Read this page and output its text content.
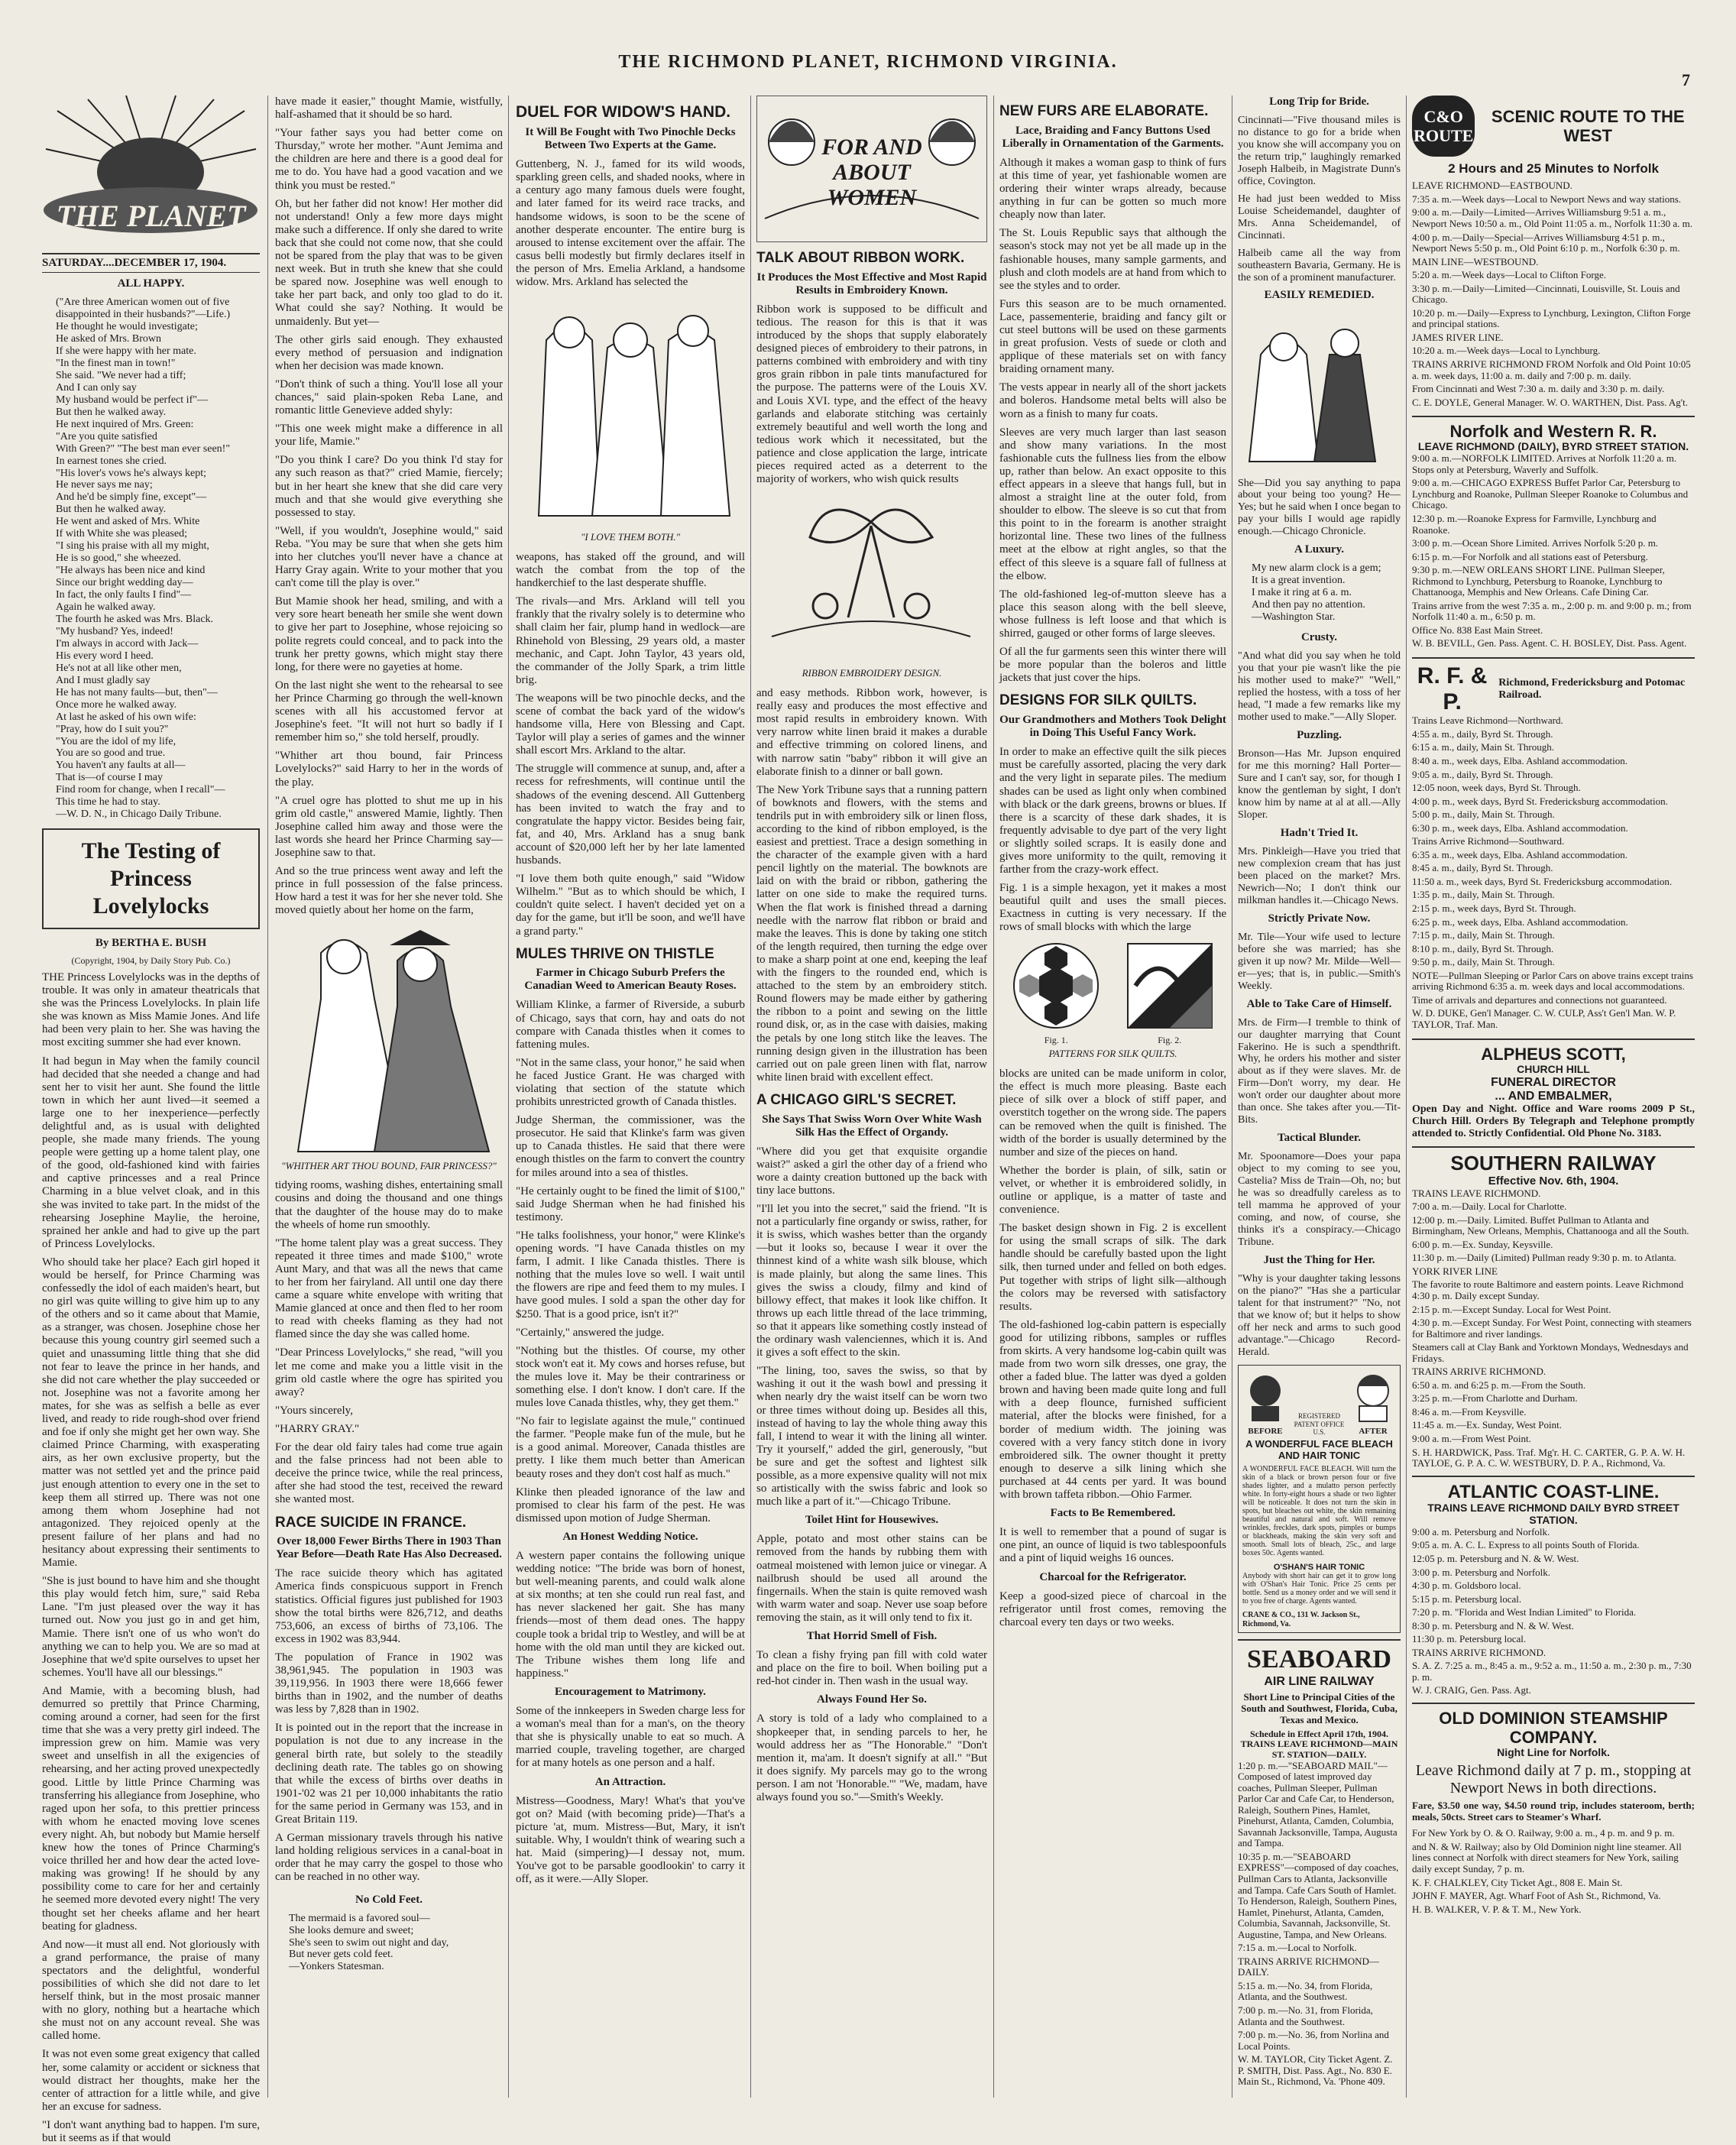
THE RICHMOND PLANET, RICHMOND VIRGINIA.
7
THE PLANET
SATURDAY....DECEMBER 17, 1904.
ALL HAPPY.
("Are three American women out of five disappointed in their husbands?"—Life.)
He thought he would investigate;
He asked of Mrs. Brown
If she were happy with her mate.
"In the finest man in town!"
She said. "We never had a tiff;
And I can only say
My husband would be perfect if"—
But then he walked away.
He next inquired of Mrs. Green:
"Are you quite satisfied
With Green?" "The best man ever seen!"
In earnest tones she cried.
"His lover's vows he's always kept;
He never says me nay;
And he'd be simply fine, except"—
But then he walked away.
He went and asked of Mrs. White
If with White she was pleased;
"I sing his praise with all my might,
He is so good," she wheezed.
"He always has been nice and kind
Since our bright wedding day—
In fact, the only faults I find"—
Again he walked away.
The fourth he asked was Mrs. Black.
"My husband? Yes, indeed!
I'm always in accord with Jack—
His every word I heed.
He's not at all like other men,
And I must gladly say
He has not many faults—but, then"—
Once more he walked away.
At last he asked of his own wife:
"Pray, how do I suit you?"
"You are the idol of my life,
You are so good and true.
You haven't any faults at all—
That is—of course I may
Find room for change, when I recall"—
This time he had to stay.
—W. D. N., in Chicago Daily Tribune.
The Testing of Princess Lovelylocks
By BERTHA E. BUSH
(Copyright, 1904, by Daily Story Pub. Co.)

THE Princess Lovelylocks was in the depths of trouble. It was only in amateur theatricals that she was the Princess Lovelylocks. In plain life she was known as Miss Mamie Jones. And life had been very plain to her. She was having the most exciting summer she had ever known.

It had begun in May when the family council had decided that she needed a change and had sent her to visit her aunt. She found the little town in which her aunt lived—it seemed a large one to her inexperience—perfectly delightful and, as is usual with delighted people, she made many friends. The young people were getting up a home talent play, one of the good, old-fashioned kind with fairies and captive princesses and a real Prince Charming in a blue velvet cloak, and in this she was invited to take part. In the midst of the rehearsing Josephine Maylie, the heroine, sprained her ankle and had to give up the part of Princess Lovelylocks.

Who should take her place? Each girl hoped it would be herself, for Prince Charming was confessedly the idol of each maiden's heart, but no girl was quite willing to give him up to any of the others and so it came about that Mamie, as a stranger, was chosen. Josephine chose her because this young country girl seemed such a quiet and unassuming little thing that she did not fear to leave the prince in her hands, and she did not care whether the play succeeded or not. Josephine was not a favorite among her mates, for she was as selfish a belle as ever lived, and ready to ride rough-shod over friend and foe if only she might get her own way. She claimed Prince Charming, with exasperating airs, as her own exclusive property, but the matter was not settled yet and the prince paid just enough attention to every one in the set to keep them all stirred up. There was not one among them whom Josephine had not antagonized. They rejoiced openly at the present failure of her plans and had no hesitancy about expressing their sentiments to Mamie.

"She is just bound to have him and she thought this play would fetch him, sure," said Reba Lane. "I'm just pleased over the way it has turned out. Now you just go in and get him, Mamie. There isn't one of us who won't do anything we can to help you. We are so mad at Josephine that we'd spite ourselves to upset her schemes. You'll have all our blessings."

And Mamie, with a becoming blush, had demurred so prettily that Prince Charming, coming around a corner, had seen for the first time that she was a very pretty girl indeed. The impression grew on him. Mamie was very sweet and unselfish in all the exigencies of rehearsing, and her acting proved unexpectedly good. Little by little Prince Charming was transferring his allegiance from Josephine, who raged upon her sofa, to this prettier princess with whom he enacted moving love scenes every night. Ah, but nobody but Mamie herself knew how the tones of Prince Charming's voice thrilled her and how dear the acted love-making was growing! If he should by any possibility come to care for her and certainly he seemed more devoted every night! The very thought set her cheeks aflame and her heart beating for gladness.

And now—it must all end. Not gloriously with a grand performance, the praise of many spectators and the delightful, wonderful possibilities of which she did not dare to let herself think, but in the most prosaic manner with no glory, nothing but a heartache which she must not on any account reveal. She was called home.

It was not even some great exigency that called her, some calamity or accident or sickness that would distract her thoughts, make her the center of attraction for a little while, and give her an excuse for sadness.

"I don't want anything bad to happen. I'm sure, but it seems as if that would

have made it easier," thought Mamie, wistfully, half-ashamed that it should be so hard.

"Your father says you had better come on Thursday," wrote her mother. "Aunt Jemima and the children are here and there is a good deal for me to do. You have had a good vacation and we think you must be rested."

Oh, but her father did not know! Her mother did not understand! Only a few more days might make such a difference. If only she dared to write back that she could not come now, that she could not be spared from the play that was to be given next week. But in truth she knew that she could be spared now. Josephine was well enough to take her part back, and only too glad to do it. What could she say? Nothing. It would be unmaidenly. But yet—

The other girls said enough. They exhausted every method of persuasion and indignation when her decision was made known.

"Don't think of such a thing. You'll lose all your chances," said plain-spoken Reba Lane, and romantic little Genevieve added shyly:

"This one week might make a difference in all your life, Mamie."

"Do you think I care? Do you think I'd stay for any such reason as that?" cried Mamie, fiercely; but in her heart she knew that she did care very much and that she would give everything she possessed to stay.

"Well, if you wouldn't, Josephine would," said Reba. "You may be sure that when she gets him into her clutches you'll never have a chance at Harry Gray again. Write to your mother that you can't come till the play is over."

But Mamie shook her head, smiling, and with a very sore heart beneath her smile she went down to give her part to Josephine, whose rejoicing so polite regrets could conceal, and to pack into the trunk her pretty gowns, which might stay there long, for there were no gayeties at home.

On the last night she went to the rehearsal to see her Prince Charming go through the well-known scenes with all his accustomed fervor at Josephine's feet. "It will not hurt so badly if I remember him so," she told herself, proudly.

"Whither art thou bound, fair Princess Lovelylocks?" said Harry to her in the words of the play.

"A cruel ogre has plotted to shut me up in his grim old castle," answered Mamie, lightly. Then Josephine called him away and those were the last words she heard her Prince Charming say—Josephine saw to that.

And so the true princess went away and left the prince in full possession of the false princess. How hard a test it was for her she never told. She moved quietly about her home on the farm,

"WHITHER ART THOU BOUND, FAIR PRINCESS?"

tidying rooms, washing dishes, entertaining small cousins and doing the thousand and one things that the daughter of the house may do to make the wheels of home run smoothly.

"The home talent play was a great success. They repeated it three times and made $100," wrote Aunt Mary, and that was all the news that came to her from her fairyland. All until one day there came a square white envelope with writing that Mamie glanced at once and then fled to her room to read with cheeks flaming as they had not flamed since the day she was called home.

"Dear Princess Lovelylocks," she read, "will you let me come and make you a little visit in the grim old castle where the ogre has spirited you away?

"Yours sincerely,

"HARRY GRAY."

For the dear old fairy tales had come true again and the false princess had not been able to deceive the prince twice, while the real princess, after she had stood the test, received the reward she wanted most.

RACE SUICIDE IN FRANCE.
Over 18,000 Fewer Births There in 1903 Than Year Before—Death Rate Has Also Decreased.

The race suicide theory which has agitated America finds conspicuous support in French statistics. Official figures just published for 1903 show the total births were 826,712, and deaths 753,606, an excess of births of 73,106. The excess in 1902 was 83,944.

The population of France in 1902 was 38,961,945. The population in 1903 was 39,119,956. In 1903 there were 18,666 fewer births than in 1902, and the number of deaths was less by 7,828 than in 1902.

It is pointed out in the report that the increase in population is not due to any increase in the general birth rate, but solely to the steadily declining death rate. The tables go on showing that while the excess of births over deaths in 1901-'02 was 21 per 10,000 inhabitants the ratio for the same period in Germany was 153, and in Great Britain 119.

A German missionary travels through his native land holding religious services in a canal-boat in order that he may carry the gospel to those who can be reached in no other way.

No Cold Feet.
The mermaid is a favored soul—
She looks demure and sweet;
She's seen to swim out night and day,
But never gets cold feet.
—Yonkers Statesman.
DUEL FOR WIDOW'S HAND.
It Will Be Fought with Two Pinochle Decks Between Two Experts at the Game.

Guttenberg, N. J., famed for its wild woods, sparkling green cells, and shaded nooks, where in a century ago many famous duels were fought, and later famed for its weird race tracks, and handsome widows, is soon to be the scene of another desperate encounter. The entire burg is aroused to intense excitement over the affair. The casus belli modestly but firmly declares itself in the person of Mrs. Emelia Arkland, a handsome widow. Mrs. Arkland has selected the

"I LOVE THEM BOTH."

weapons, has staked off the ground, and will watch the combat from the top of the handkerchief to the last desperate shuffle.

The rivals—and Mrs. Arkland will tell you frankly that the rivalry solely is to determine who shall claim her fair, plump hand in wedlock—are Rhinehold von Blessing, 29 years old, a master mechanic, and Capt. John Taylor, 43 years old, the commander of the Jolly Spark, a trim little brig.

The weapons will be two pinochle decks, and the scene of combat the back yard of the widow's handsome villa, Here von Blessing and Capt. Taylor will play a series of games and the winner shall escort Mrs. Arkland to the altar.

The struggle will commence at sunup, and, after a recess for refreshments, will continue until the shadows of the evening descend. All Guttenberg has been invited to watch the fray and to congratulate the happy victor. Besides being fair, fat, and 40, Mrs. Arkland has a snug bank account of $20,000 left her by her late lamented husbands.

"I love them both quite enough," said "Widow Wilhelm." "But as to which should be which, I couldn't quite select. I haven't decided yet on a day for the game, but it'll be soon, and we'll have a grand party."

MULES THRIVE ON THISTLE
Farmer in Chicago Suburb Prefers the Canadian Weed to American Beauty Roses.

William Klinke, a farmer of Riverside, a suburb of Chicago, says that corn, hay and oats do not compare with Canada thistles when it comes to fattening mules.

"Not in the same class, your honor," he said when he faced Justice Grant. He was charged with violating that section of the statute which prohibits unrestricted growth of Canada thistles.

Judge Sherman, the commissioner, was the prosecutor. He said that Klinke's farm was given up to Canada thistles. He said that there were enough thistles on the farm to convert the country for miles around into a sea of thistles.

"He certainly ought to be fined the limit of $100," said Judge Sherman when he had finished his testimony.

"He talks foolishness, your honor," were Klinke's opening words. "I have Canada thistles on my farm, I admit. I like Canada thistles. There is nothing that the mules love so well. I wait until the flowers are ripe and feed them to my mules. I have good mules. I sold a span the other day for $250. That is a good price, isn't it?"

"Certainly," answered the judge.

"Nothing but the thistles. Of course, my other stock won't eat it. My cows and horses refuse, but the mules love it. May be their contrariness or something else. I don't know. I don't care. If the mules love Canada thistles, why, they get them."

"No fair to legislate against the mule," continued the farmer. "People make fun of the mule, but he is a good animal. Moreover, Canada thistles are pretty. I like them much better than American beauty roses and they don't cost half as much."

Klinke then pleaded ignorance of the law and promised to clear his farm of the pest. He was dismissed upon motion of Judge Sherman.

An Honest Wedding Notice.

A western paper contains the following unique wedding notice: "The bride was born of honest, but well-meaning parents, and could walk alone at six months; at ten she could run real fast, and has never slackened her gait. She has many friends—most of them dead ones. The happy couple took a bridal trip to Westley, and will be at home with the old man until they are kicked out. The Tribune wishes them long life and happiness."

Encouragement to Matrimony.

Some of the innkeepers in Sweden charge less for a woman's meal than for a man's, on the theory that she is physically unable to eat so much. A married couple, traveling together, are charged for at many hotels as one person and a half.

An Attraction.

Mistress—Goodness, Mary! What's that you've got on? Maid (with becoming pride)—That's a picture 'at, mum. Mistress—But, Mary, it isn't suitable. Why, I wouldn't think of wearing such a hat. Maid (simpering)—I dessay not, mum. You've got to be parsable goodlookin' to carry it off, as it were.—Ally Sloper.

FOR AND ABOUT WOMEN
TALK ABOUT RIBBON WORK.
It Produces the Most Effective and Most Rapid Results in Embroidery Known.

Ribbon work is supposed to be difficult and tedious. The reason for this is that it was introduced by the shops that supply elaborately designed pieces of embroidery to their patrons, in patterns combined with embroidery and with tiny gros grain ribbon in pale tints manufactured for the purpose. The patterns were of the Louis XV. and Louis XVI. type, and the effect of the heavy garlands and elaborate stitching was certainly extremely beautiful and well worth the long and tedious work which it necessitated, but the patience and close application the large, intricate pieces required acted as a deterrent to the majority of workers, who wish quick results

RIBBON EMBROIDERY DESIGN.

and easy methods. Ribbon work, however, is really easy and produces the most effective and most rapid results in embroidery known. With very narrow white linen braid it makes a durable and effective trimming on colored linens, and with narrow satin "baby" ribbon it will give an elaborate finish to a dinner or ball gown.

The New York Tribune says that a running pattern of bowknots and flowers, with the stems and tendrils put in with embroidery silk or linen floss, according to the kind of ribbon employed, is the easiest and prettiest. Trace a design something in the character of the example given with a hard pencil lightly on the material. The bowknots are laid on with the braid or ribbon, gathering the latter on one side to make the required turns. When the flat work is finished thread a darning needle with the narrow flat ribbon or braid and make the leaves. This is done by taking one stitch of the length required, then turning the edge over to make a sharp point at one end, keeping the leaf with the fingers to the rounded end, which is attached to the stem by an embroidery stitch. Round flowers may be made either by gathering the ribbon to a point and sewing on the little round disk, or, as in the case with daisies, making the petals by one long stitch like the leaves. The running design given in the illustration has been carried out on pale green linen with flat, narrow white linen braid with excellent effect.

A CHICAGO GIRL'S SECRET.
She Says That Swiss Worn Over White Wash Silk Has the Effect of Organdy.

"Where did you get that exquisite organdie waist?" asked a girl the other day of a friend who wore a dainty creation buttoned up the back with tiny lace buttons.

"I'll let you into the secret," said the friend. "It is not a particularly fine organdy or swiss, rather, for it is swiss, which washes better than the organdy—but it looks so, because I wear it over the thinnest kind of a white wash silk blouse, which is made plainly, but along the same lines. This gives the swiss a cloudy, filmy and kind of billowy effect, that makes it look like chiffon. It throws up each little thread of the lace trimming, so that it appears like something costly instead of the ordinary wash valenciennes, which it is. And it gives a soft effect to the skin.

"The lining, too, saves the swiss, so that by washing it out it the wash bowl and pressing it when nearly dry the waist itself can be worn two or three times without doing up. Besides all this, instead of having to lay the whole thing away this fall, I intend to wear it with the lining all winter. Try it yourself," added the girl, generously, "but be sure and get the softest and lightest silk possible, as a more expensive quality will not mix so artistically with the swiss fabric and look so much like a part of it."—Chicago Tribune.

Toilet Hint for Housewives.

Apple, potato and most other stains can be removed from the hands by rubbing them with oatmeal moistened with lemon juice or vinegar. A nailbrush should be used all around the fingernails. When the stain is quite removed wash with warm water and soap. Never use soap before removing the stain, as it will only tend to fix it.

That Horrid Smell of Fish.

To clean a fishy frying pan fill with cold water and place on the fire to boil. When boiling put a red-hot cinder in. Then wash in the usual way.

Always Found Her So.

A story is told of a lady who complained to a shopkeeper that, in sending parcels to her, he would address her as "The Honorable." "Don't mention it, ma'am. It doesn't signify at all." "But it does signify. My parcels may go to the wrong person. I am not 'Honorable.'" "We, madam, have always found you so."—Smith's Weekly.

NEW FURS ARE ELABORATE.
Lace, Braiding and Fancy Buttons Used Liberally in Ornamentation of the Garments.

Although it makes a woman gasp to think of furs at this time of year, yet fashionable women are ordering their winter wraps already, because anything in fur can be gotten so much more cheaply now than later.

The St. Louis Republic says that although the season's stock may not yet be all made up in the fashionable houses, many sample garments, and plush and cloth models are at hand from which to see the styles and to order.

Furs this season are to be much ornamented. Lace, passementerie, braiding and fancy gilt or cut steel buttons will be used on these garments in great profusion. Vests of suede or cloth and applique of these materials set on with fancy braiding ornament many.

The vests appear in nearly all of the short jackets and boleros. Handsome metal belts will also be worn as a finish to many fur coats.

Sleeves are very much larger than last season and show many variations. In the most fashionable cuts the fullness lies from the elbow up, rather than below. An exact opposite to this effect appears in a sleeve that hangs full, but in almost a straight line at the outer fold, from shoulder to elbow. The sleeve is so cut that from this point to in the forearm is another straight horizontal line. These two lines of the fullness meet at the elbow at right angles, so that the effect of this sleeve is a square fall of fullness at the elbow.

The old-fashioned leg-of-mutton sleeve has a place this season along with the bell sleeve, whose fullness is left loose and that which is shirred, gauged or other forms of large sleeves.

Of all the fur garments seen this winter there will be more popular than the boleros and little jackets that just cover the hips.

DESIGNS FOR SILK QUILTS.
Our Grandmothers and Mothers Took Delight in Doing This Useful Fancy Work.

In order to make an effective quilt the silk pieces must be carefully assorted, placing the very dark and the very light in separate piles. The medium shades can be used as light only when combined with black or the dark greens, browns or blues. If there is a scarcity of these dark shades, it is frequently advisable to dye part of the very light or slightly soiled scraps. It is easily done and gives more uniformity to the quilt, removing it farther from the crazy-work effect.

Fig. 1 is a simple hexagon, yet it makes a most beautiful quilt and uses the small pieces. Exactness in cutting is very necessary. If the rows of small blocks with which the large

Fig. 1.	Fig. 2.
PATTERNS FOR SILK QUILTS.

blocks are united can be made uniform in color, the effect is much more pleasing. Baste each piece of silk over a block of stiff paper, and overstitch together on the wrong side. The papers can be removed when the quilt is finished. The width of the border is usually determined by the number and size of the pieces on hand.

Whether the border is plain, of silk, satin or velvet, or whether it is embroidered solidly, in outline or applique, is a matter of taste and convenience.

The basket design shown in Fig. 2 is excellent for using the small scraps of silk. The dark handle should be carefully basted upon the light silk, then turned under and felled on both edges. Put together with strips of light silk—although the colors may be reversed with satisfactory results.

The old-fashioned log-cabin pattern is especially good for utilizing ribbons, samples or ruffles from skirts. A very handsome log-cabin quilt was made from two worn silk dresses, one gray, the other a faded blue. The latter was dyed a golden brown and having been made quite long and full with a deep flounce, furnished sufficient material, after the blocks were finished, for a border of medium width. The joining was covered with a very fancy stitch done in ivory embroidered silk. The owner thought it pretty enough to deserve a silk lining which she purchased at 44 cents per yard. It was bound with brown taffeta ribbon.—Ohio Farmer.

Facts to Be Remembered.

It is well to remember that a pound of sugar is one pint, an ounce of liquid is two tablespoonfuls and a pint of liquid weighs 16 ounces.

Charcoal for the Refrigerator.

Keep a good-sized piece of charcoal in the refrigerator until frost comes, removing the charcoal every ten days or two weeks.

Long Trip for Bride.

Cincinnati—"Five thousand miles is no distance to go for a bride when you know she will accompany you on the return trip," laughingly remarked Joseph Halbeib, in Magistrate Dunn's office, Covington.

He had just been wedded to Miss Louise Scheidemandel, daughter of Mrs. Anna Scheidemandel, of Cincinnati.

Halbeib came all the way from southeastern Bavaria, Germany. He is the son of a prominent manufacturer.

EASILY REMEDIED.

She—Did you say anything to papa about your being too young? He—Yes; but he said when I once began to pay your bills I would age rapidly enough.—Chicago Chronicle.

A Luxury.
My new alarm clock is a gem;
It is a great invention.
I make it ring at 6 a. m.
And then pay no attention.
—Washington Star.
Crusty.

"And what did you say when he told you that your pie wasn't like the pie his mother used to make?" "Well," replied the hostess, with a toss of her head, "I made a few remarks like my mother used to make."—Ally Sloper.

Puzzling.

Bronson—Has Mr. Jupson enquired for me this morning? Hall Porter—Sure and I can't say, sor, for though I know the gentleman by sight, I don't know him by name at al at all.—Ally Sloper.

Hadn't Tried It.

Mrs. Pinkleigh—Have you tried that new complexion cream that has just been placed on the market? Mrs. Newrich—No; I don't think our milkman handles it.—Chicago News.

Strictly Private Now.

Mr. Tile—Your wife used to lecture before she was married; has she given it up now? Mr. Milde—Well—er—yes; that is, in public.—Smith's Weekly.

Able to Take Care of Himself.

Mrs. de Firm—I tremble to think of our daughter marrying that Count Fakerino. He is such a spendthrift. Why, he orders his mother and sister about as if they were slaves. Mr. de Firm—Don't worry, my dear. He won't order our daughter about more than once. She takes after you.—Tit-Bits.

Tactical Blunder.

Mr. Spoonamore—Does your papa object to my coming to see you, Castelia? Miss de Train—Oh, no; but he was so dreadfully careless as to tell mamma he approved of your coming, and now, of course, she thinks it's a conspiracy.—Chicago Tribune.

Just the Thing for Her.

"Why is your daughter taking lessons on the piano?" "Has she a particular talent for that instrument?" "No, not that we know of; but it helps to show off her neck and arms to such good advantage."—Chicago Record-Herald.

BEFORE
REGISTERED PATENT OFFICE U.S.	AFTER
A WONDERFUL FACE BLEACH AND HAIR TONIC

A WONDERFUL FACE BLEACH. Will turn the skin of a black or brown person four or five shades lighter, and a mulatto person perfectly white. In forty-eight hours a shade or two lighter will be noticeable. It does not turn the skin in spots, but bleaches out white, the skin remaining beautiful and natural and soft. Will remove wrinkles, freckles, dark spots, pimples or bumps or blackheads, making the skin very soft and smooth. Small lots of bleach, 25c., and large boxes 50c. Agents wanted.

O'SHAN'S HAIR TONIC

Anybody with short hair can get it to grow long with O'Shan's Hair Tonic. Price 25 cents per bottle. Send us a money order and we will send it to you free of charge. Agents wanted.

CRANE & CO., 131 W. Jackson St., Richmond, Va.
SEABOARD
AIR LINE RAILWAY
Short Line to Principal Cities of the South and Southwest, Florida, Cuba, Texas and Mexico.
Schedule in Effect April 17th, 1904. TRAINS LEAVE RICHMOND—MAIN ST. STATION—DAILY.
1:20 p. m.—"SEABOARD MAIL"—Composed of latest improved day coaches, Pullman Sleeper, Pullman Parlor Car and Cafe Car, to Henderson, Raleigh, Southern Pines, Hamlet, Pinehurst, Atlanta, Camden, Columbia, Savannah Jacksonville, Tampa, Augusta and Tampa.
10:35 p. m.—"SEABOARD EXPRESS"—composed of day coaches, Pullman Cars to Atlanta, Jacksonville and Tampa. Cafe Cars South of Hamlet. To Henderson, Raleigh, Southern Pines, Hamlet, Pinehurst, Atlanta, Camden, Columbia, Savannah, Jacksonville, St. Augustine, Tampa, and New Orleans.
7:15 a. m.—Local to Norfolk.
TRAINS ARRIVE RICHMOND—DAILY.
5:15 a. m.—No. 34, from Florida, Atlanta, and the Southwest.
7:00 p. m.—No. 31, from Florida, Atlanta and the Southwest.
7:00 p. m.—No. 36, from Norlina and Local Points.
W. M. TAYLOR, City Ticket Agent. Z. P. SMITH, Dist. Pass. Agt., No. 830 E. Main St., Richmond, Va. 'Phone 409.
C&O ROUTE
SCENIC ROUTE TO THE WEST
2 Hours and 25 Minutes to Norfolk
LEAVE RICHMOND—EASTBOUND.
7:35 a. m.—Week days—Local to Newport News and way stations.
9:00 a. m.—Daily—Limited—Arrives Williamsburg 9:51 a. m., Newport News 10:50 a. m., Old Point 11:05 a. m., Norfolk 11:30 a. m.
4:00 p. m.—Daily—Special—Arrives Williamsburg 4:51 p. m., Newport News 5:50 p. m., Old Point 6:10 p. m., Norfolk 6:30 p. m.
MAIN LINE—WESTBOUND.
5:20 a. m.—Week days—Local to Clifton Forge.
3:30 p. m.—Daily—Limited—Cincinnati, Louisville, St. Louis and Chicago.
10:20 p. m.—Daily—Express to Lynchburg, Lexington, Clifton Forge and principal stations.
JAMES RIVER LINE.
10:20 a. m.—Week days—Local to Lynchburg.
TRAINS ARRIVE RICHMOND FROM Norfolk and Old Point 10:05 a. m. week days, 11:00 a. m. daily and 7:00 p. m. daily.
From Cincinnati and West 7:30 a. m. daily and 3:30 p. m. daily.
C. E. DOYLE, General Manager. W. O. WARTHEN, Dist. Pass. Ag't.
Norfolk and Western R. R.
LEAVE RICHMOND (DAILY), BYRD STREET STATION.
9:00 a. m.—NORFOLK LIMITED. Arrives at Norfolk 11:20 a. m. Stops only at Petersburg, Waverly and Suffolk.
9:00 a. m.—CHICAGO EXPRESS Buffet Parlor Car, Petersburg to Lynchburg and Roanoke, Pullman Sleeper Roanoke to Columbus and Chicago.
12:30 p. m.—Roanoke Express for Farmville, Lynchburg and Roanoke.
3:00 p. m.—Ocean Shore Limited. Arrives Norfolk 5:20 p. m.
6:15 p. m.—For Norfolk and all stations east of Petersburg.
9:30 p. m.—NEW ORLEANS SHORT LINE. Pullman Sleeper, Richmond to Lynchburg, Petersburg to Roanoke, Lynchburg to Chattanooga, Memphis and New Orleans. Cafe Dining Car.
Trains arrive from the west 7:35 a. m., 2:00 p. m. and 9:00 p. m.; from Norfolk 11:40 a. m., 6:50 p. m.
Office No. 838 East Main Street.
W. B. BEVILL, Gen. Pass. Agent. C. H. BOSLEY, Dist. Pass. Agent.
R. F. & P.
Richmond, Fredericksburg and Potomac Railroad.
Trains Leave Richmond—Northward.
4:55 a. m., daily, Byrd St. Through.
6:15 a. m., daily, Main St. Through.
8:40 a. m., week days, Elba. Ashland accommodation.
9:05 a. m., daily, Byrd St. Through.
12:05 noon, week days, Byrd St. Through.
4:00 p. m., week days, Byrd St. Fredericksburg accommodation.
5:00 p. m., daily, Main St. Through.
6:30 p. m., week days, Elba. Ashland accommodation.
Trains Arrive Richmond—Southward.
6:35 a. m., week days, Elba. Ashland accommodation.
8:45 a. m., daily, Byrd St. Through.
11:50 a. m., week days, Byrd St. Fredericksburg accommodation.
1:35 p. m., daily, Main St. Through.
2:15 p. m., week days, Byrd St. Through.
6:25 p. m., week days, Elba. Ashland accommodation.
7:15 p. m., daily, Main St. Through.
8:10 p. m., daily, Byrd St. Through.
9:50 p. m., daily, Main St. Through.
NOTE—Pullman Sleeping or Parlor Cars on above trains except trains arriving Richmond 6:35 a. m. week days and local accommodations.
Time of arrivals and departures and connections not guaranteed.
W. D. DUKE, Gen'l Manager. C. W. CULP, Ass't Gen'l Man. W. P. TAYLOR, Traf. Man.
ALPHEUS SCOTT,
CHURCH HILL
FUNERAL DIRECTOR
... AND EMBALMER,

Open Day and Night. Office and Ware rooms 2009 P St., Church Hill. Orders By Telegraph and Telephone promptly attended to. Strictly Confidential. Old Phone No. 3183.

SOUTHERN RAILWAY
Effective Nov. 6th, 1904.
TRAINS LEAVE RICHMOND.
7:00 a. m.—Daily. Local for Charlotte.
12:00 p. m.—Daily. Limited. Buffet Pullman to Atlanta and Birmingham, New Orleans, Memphis, Chattanooga and all the South.
6:00 p. m.—Ex. Sunday, Keysville.
11:30 p. m.—Daily (Limited) Pullman ready 9:30 p. m. to Atlanta.
YORK RIVER LINE
The favorite to route Baltimore and eastern points. Leave Richmond 4:30 p. m. Daily except Sunday.
2:15 p. m.—Except Sunday. Local for West Point.
4:30 p. m.—Except Sunday. For West Point, connecting with steamers for Baltimore and river landings.
Steamers call at Clay Bank and Yorktown Mondays, Wednesdays and Fridays.
TRAINS ARRIVE RICHMOND.
6:50 a. m. and 6:25 p. m.—From the South.
3:25 p. m.—From Charlotte and Durham.
8:46 a. m.—From Keysville.
11:45 a. m.—Ex. Sunday, West Point.
9:00 a. m.—From West Point.
S. H. HARDWICK, Pass. Traf. Mg'r. H. C. CARTER, G. P. A. W. H. TAYLOE, G. P. A. C. W. WESTBURY, D. P. A., Richmond, Va.
ATLANTIC COAST-LINE.
TRAINS LEAVE RICHMOND DAILY BYRD STREET STATION.
9:00 a. m. Petersburg and Norfolk.
9:05 a. m. A. C. L. Express to all points South of Florida.
12:05 p. m. Petersburg and N. & W. West.
3:00 p. m. Petersburg and Norfolk.
4:30 p. m. Goldsboro local.
5:15 p. m. Petersburg local.
7:20 p. m. "Florida and West Indian Limited" to Florida.
8:30 p. m. Petersburg and N. & W. West.
11:30 p. m. Petersburg local.
TRAINS ARRIVE RICHMOND.
S. A. Z. 7:25 a. m., 8:45 a. m., 9:52 a. m., 11:50 a. m., 2:30 p. m., 7:30 p. m.
W. J. CRAIG, Gen. Pass. Agt.
OLD DOMINION STEAMSHIP COMPANY.
Night Line for Norfolk.
Leave Richmond daily at 7 p. m., stopping at Newport News in both directions.

Fare, $3.50 one way, $4.50 round trip, includes stateroom, berth; meals, 50cts. Street cars to Steamer's Wharf.

For New York by O. & O. Railway, 9:00 a. m., 4 p. m. and 9 p. m.
and N. & W. Railway; also by Old Dominion night line steamer. All lines connect at Norfolk with direct steamers for New York, sailing daily except Sunday, 7 p. m.
K. F. CHALKLEY, City Ticket Agt., 808 E. Main St.
JOHN F. MAYER, Agt. Wharf Foot of Ash St., Richmond, Va.
H. B. WALKER, V. P. & T. M., New York.
